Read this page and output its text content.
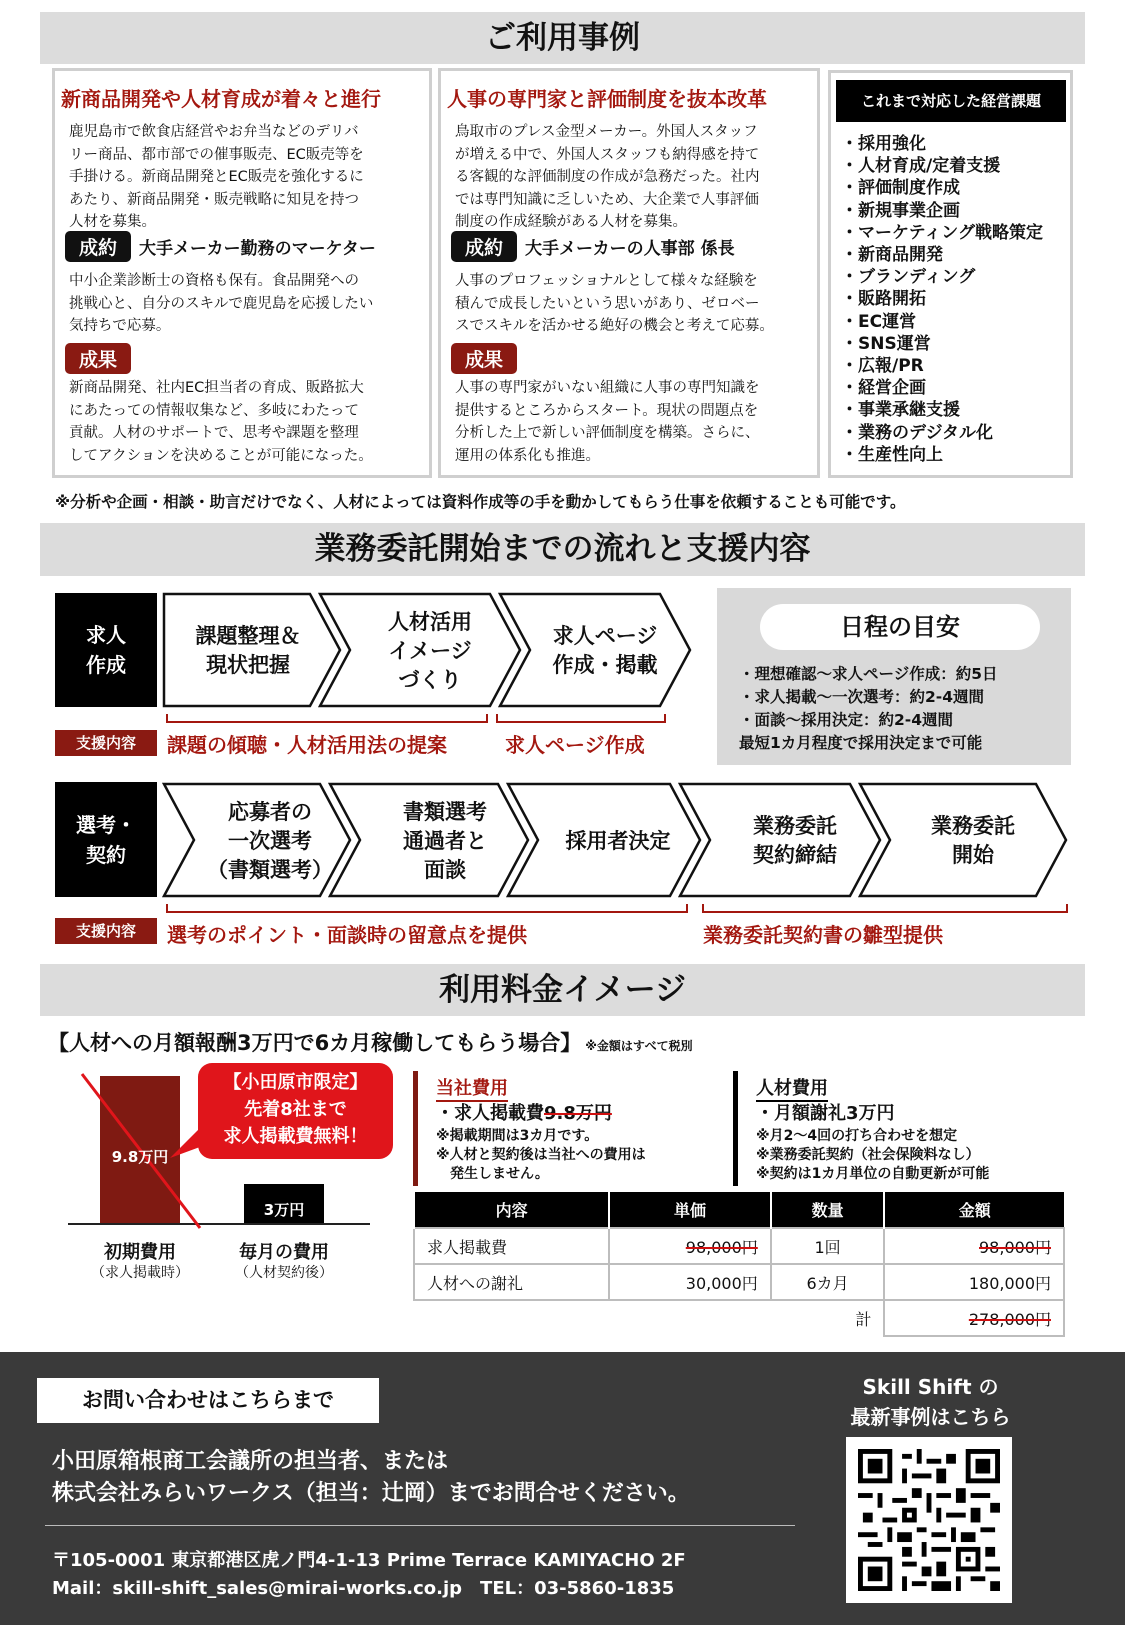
ご利用事例
新商品開発や人材育成が着々と進行
鹿児島市で飲食店経営やお弁当などのデリバ
リー商品、都市部での催事販売、EC販売等を
手掛ける。新商品開発とEC販売を強化するに
あたり、新商品開発・販売戦略に知見を持つ
人材を募集。
成約	大手メーカー勤務のマーケター
中小企業診断士の資格も保有。食品開発への
挑戦心と、自分のスキルで鹿児島を応援したい
気持ちで応募。
成果
新商品開発、社内EC担当者の育成、販路拡大
にあたっての情報収集など、多岐にわたって
貢献。人材のサポートで、思考や課題を整理
してアクションを決めることが可能になった。
人事の専門家と評価制度を抜本改革
鳥取市のプレス金型メーカー。外国人スタッフ
が増える中で、外国人スタッフも納得感を持て
る客観的な評価制度の作成が急務だった。社内
では専門知識に乏しいため、大企業で人事評価
制度の作成経験がある人材を募集。
成約	大手メーカーの人事部 係長
人事のプロフェッショナルとして様々な経験を
積んで成長したいという思いがあり、ゼロベー
スでスキルを活かせる絶好の機会と考えて応募。
成果
人事の専門家がいない組織に人事の専門知識を
提供するところからスタート。現状の問題点を
分析した上で新しい評価制度を構築。さらに、
運用の体系化も推進。
これまで対応した経営課題
・採用強化
・人材育成/定着支援
・評価制度作成
・新規事業企画
・マーケティング戦略策定
・新商品開発
・ブランディング
・販路開拓
・EC運営
・SNS運営
・広報/PR
・経営企画
・事業承継支援
・業務のデジタル化
・生産性向上
※分析や企画・相談・助言だけでなく、人材によっては資料作成等の手を動かしてもらう仕事を依頼することも可能です。
業務委託開始までの流れと支援内容
求人
作成
課題整理＆
現状把握
人材活用
イメージ
づくり
求人ページ
作成・掲載
支援内容	課題の傾聴・人材活用法の提案	求人ページ作成
日程の目安
・理想確認～求人ページ作成：約5日
・求人掲載～一次選考：約2-4週間
・面談～採用決定：約2-4週間
最短1カ月程度で採用決定まで可能
選考・
契約
応募者の
一次選考
（書類選考）
書類選考
通過者と
面談
採用者決定
業務委託
契約締結
業務委託
開始
支援内容	選考のポイント・面談時の留意点を提供	業務委託契約書の雛型提供
利用料金イメージ
【人材への月額報酬3万円で6カ月稼働してもらう場合】 ※金額はすべて税別
9.8万円
3万円
初期費用
（求人掲載時）
毎月の費用
（人材契約後）
【小田原市限定】
先着8社まで
求人掲載費無料！
当社費用
・求人掲載費9.8万円
※掲載期間は3カ月です。
※人材と契約後は当社への費用は
　発生しません。
人材費用
・月額謝礼3万円
※月2～4回の打ち合わせを想定
※業務委託契約（社会保険料なし）
※契約は1カ月単位の自動更新が可能
内容	単価	数量	金額
求人掲載費	98,000円	1回	98,000円
人材への謝礼	30,000円	6カ月	180,000円
		計	278,000円
お問い合わせはこちらまで
小田原箱根商工会議所の担当者、または
株式会社みらいワークス（担当：辻岡）までお問合せください。
〒105-0001 東京都港区虎ノ門4-1-13 Prime Terrace KAMIYACHO 2F
Mail：skill-shift_sales@mirai-works.co.jp　TEL：03-5860-1835
Skill Shift の
最新事例はこちら
